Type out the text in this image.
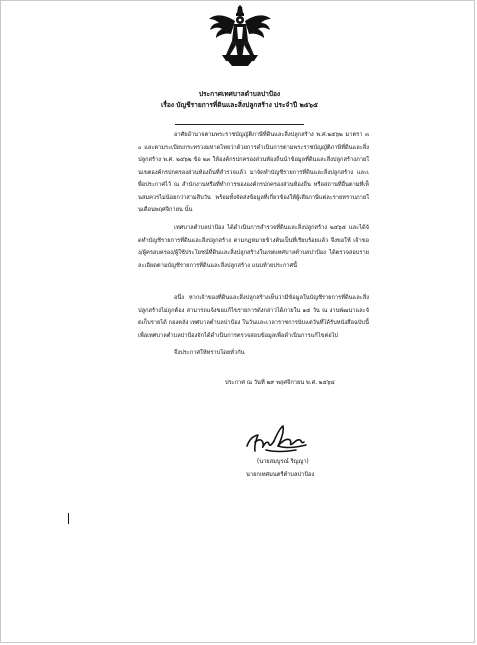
ประกาศเทศบาลตำบลปาป้อง
เรื่อง บัญชีรายการที่ดินและสิ่งปลูกสร้าง ประจำปี ๒๕๖๕

อาศัยอำนาจตามพระราชบัญญัติภาษีที่ดินและสิ่งปลูกสร้าง พ.ศ.๒๕๖๒ มาตรา ๓๐ และตามระเบียบกระทรวงมหาดไทยว่าด้วยการดำเนินการตามพระราชบัญญัติภาษีที่ดินและสิ่งปลูกสร้าง พ.ศ. ๒๕๖๒ ข้อ ๒๓ ให้องค์กรปกครองส่วนท้องถิ่นนำข้อมูลที่ดินและสิ่งปลูกสร้างภายในเขตองค์กรปกครองส่วนท้องถิ่นที่สำรวจแล้ว มาจัดทำบัญชีรายการที่ดินและสิ่งปลูกสร้าง และเพื่อประกาศไว้ ณ สำนักงานหรือที่ทำการขององค์กรปกครองส่วนท้องถิ่น หรือสถานที่อื่นตามที่เห็นสมควรไม่น้อยกว่าสามสิบวัน พร้อมทั้งจัดส่งข้อมูลที่เกี่ยวข้องให้ผู้เสียภาษีแต่ละรายทราบภายในเดือนพฤศจิกายน นั้น

เทศบาลตำบลปาป้อง ได้ดำเนินการสำรวจที่ดินและสิ่งปลูกสร้าง ๒๕๖๕ และได้จัดทำบัญชีรายการที่ดินและสิ่งปลูกสร้าง ตามกฎหมายข้างต้นเป็นที่เรียบร้อยแล้ว จึงขอให้ เจ้าของ/ผู้ครอบครอง/ผู้ใช้ประโยชน์ที่ดินและสิ่งปลูกสร้างในเขตเทศบาลตำบลปาป้อง ได้ตรวจสอบรายละเอียดตามบัญชีรายการที่ดินและสิ่งปลูกสร้าง แนบท้ายประกาศนี้

อนึ่ง หากเจ้าของที่ดินและสิ่งปลูกสร้างเห็นว่ามีข้อมูลในบัญชีรายการที่ดินและสิ่งปลูกสร้างไม่ถูกต้อง สามารถแจ้งขอแก้ไขรายการดังกล่าวได้ภายใน ๑๕ วัน ณ งานพัฒนาและจัดเก็บรายได้ กองคลัง เทศบาลตำบลปาป้อง ในวันและเวลาราชการนับแต่วันที่ได้รับหนังสือฉบับนี้ เพื่อเทศบาลตำบลปาป้องจักได้ดำเนินการตรวจสอบข้อมูลเพื่อดำเนินการแก้ไขต่อไป

จึงประกาศให้ทราบโดยทั่วกัน
ประกาศ ณ วันที่ ๒๙ พฤศจิกายน พ.ศ. ๒๕๖๔
(นายสมบูรณ์ ริญญา)
นายกเทศมนตรีตำบลปาป้อง
